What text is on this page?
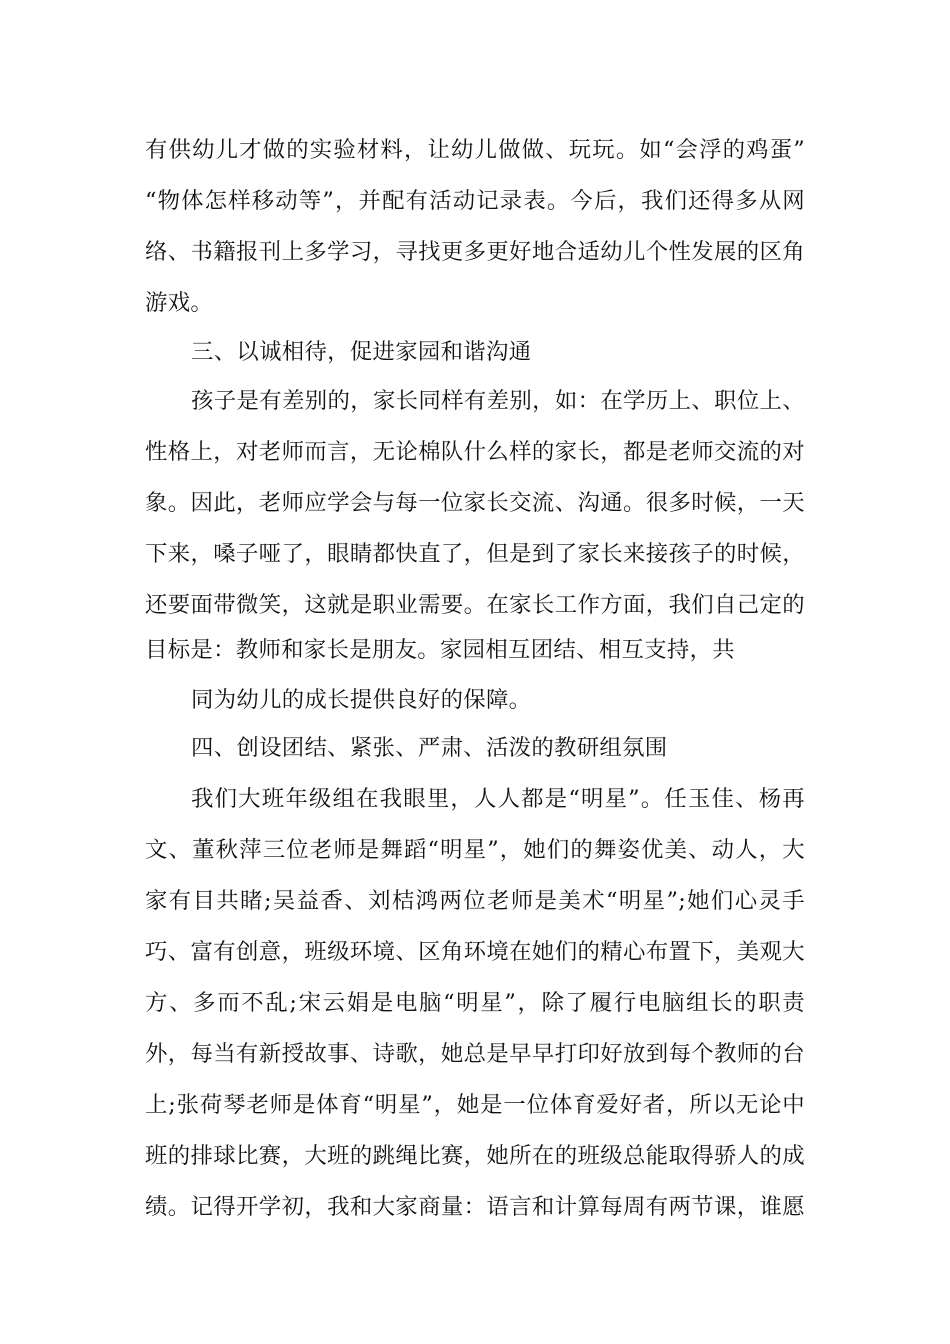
有供幼儿才做的实验材料，让幼儿做做、玩玩。如“会浮的鸡蛋”
“物体怎样移动等”，并配有活动记录表。今后，我们还得多从网
络、书籍报刊上多学习，寻找更多更好地合适幼儿个性发展的区角
游戏。
三、以诚相待，促进家园和谐沟通
孩子是有差别的，家长同样有差别，如：在学历上、职位上、
性格上，对老师而言，无论棉队什么样的家长，都是老师交流的对
象。因此，老师应学会与每一位家长交流、沟通。很多时候，一天
下来，嗓子哑了，眼睛都快直了，但是到了家长来接孩子的时候，
还要面带微笑，这就是职业需要。在家长工作方面，我们自己定的
目标是：教师和家长是朋友。家园相互团结、相互支持，共
同为幼儿的成长提供良好的保障。
四、创设团结、紧张、严肃、活泼的教研组氛围
我们大班年级组在我眼里，人人都是“明星”。任玉佳、杨再
文、董秋萍三位老师是舞蹈“明星”，她们的舞姿优美、动人，大
家有目共睹;吴益香、刘桔鸿两位老师是美术“明星”;她们心灵手
巧、富有创意，班级环境、区角环境在她们的精心布置下，美观大
方、多而不乱;宋云娟是电脑“明星”，除了履行电脑组长的职责
外，每当有新授故事、诗歌，她总是早早打印好放到每个教师的台
上;张荷琴老师是体育“明星”，她是一位体育爱好者，所以无论中
班的排球比赛，大班的跳绳比赛，她所在的班级总能取得骄人的成
绩。记得开学初，我和大家商量：语言和计算每周有两节课，谁愿
